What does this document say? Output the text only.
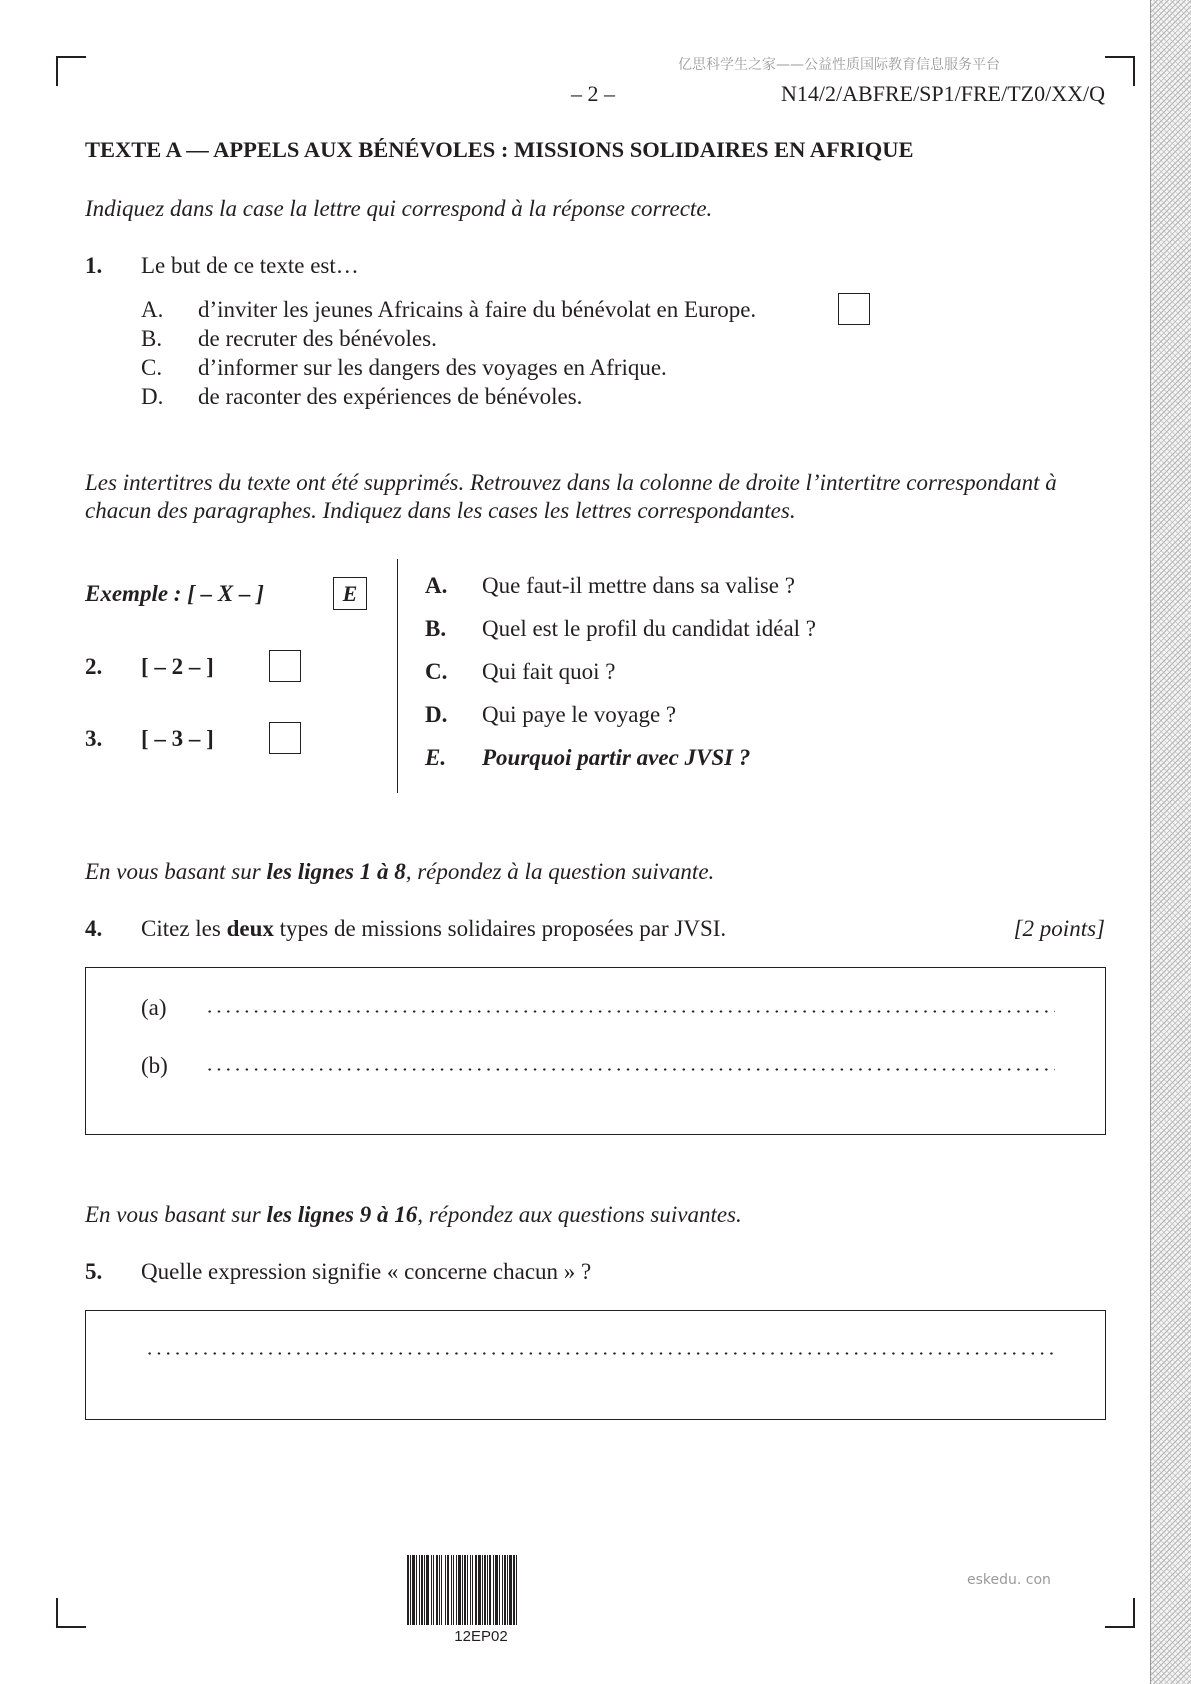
亿思科学生之家——公益性质国际教育信息服务平台
– 2 –	N14/2/ABFRE/SP1/FRE/TZ0/XX/Q
TEXTE A — APPELS AUX BÉNÉVOLES : MISSIONS SOLIDAIRES EN AFRIQUE
Indiquez dans la case la lettre qui correspond à la réponse correcte.
1. Le but de ce texte est…
A. d’inviter les jeunes Africains à faire du bénévolat en Europe.
B. de recruter des bénévoles.
C. d’informer sur les dangers des voyages en Afrique.
D. de raconter des expériences de bénévoles.
Les intertitres du texte ont été supprimés. Retrouvez dans la colonne de droite l’intertitre correspondant à
chacun des paragraphes. Indiquez dans les cases les lettres correspondantes.
Exemple : [ – X – ]	E
2. [ – 2 – ]
3. [ – 3 – ]
A. Que faut-il mettre dans sa valise ?
B. Quel est le profil du candidat idéal ?
C. Qui fait quoi ?
D. Qui paye le voyage ?
E. Pourquoi partir avec JVSI ?
En vous basant sur les lignes 1 à 8, répondez à la question suivante.
4. Citez les deux types de missions solidaires proposées par JVSI.	[2 points]
(a)
(b)
En vous basant sur les lignes 9 à 16, répondez aux questions suivantes.
5. Quelle expression signifie « concerne chacun » ?
12EP02
eskedu. con
